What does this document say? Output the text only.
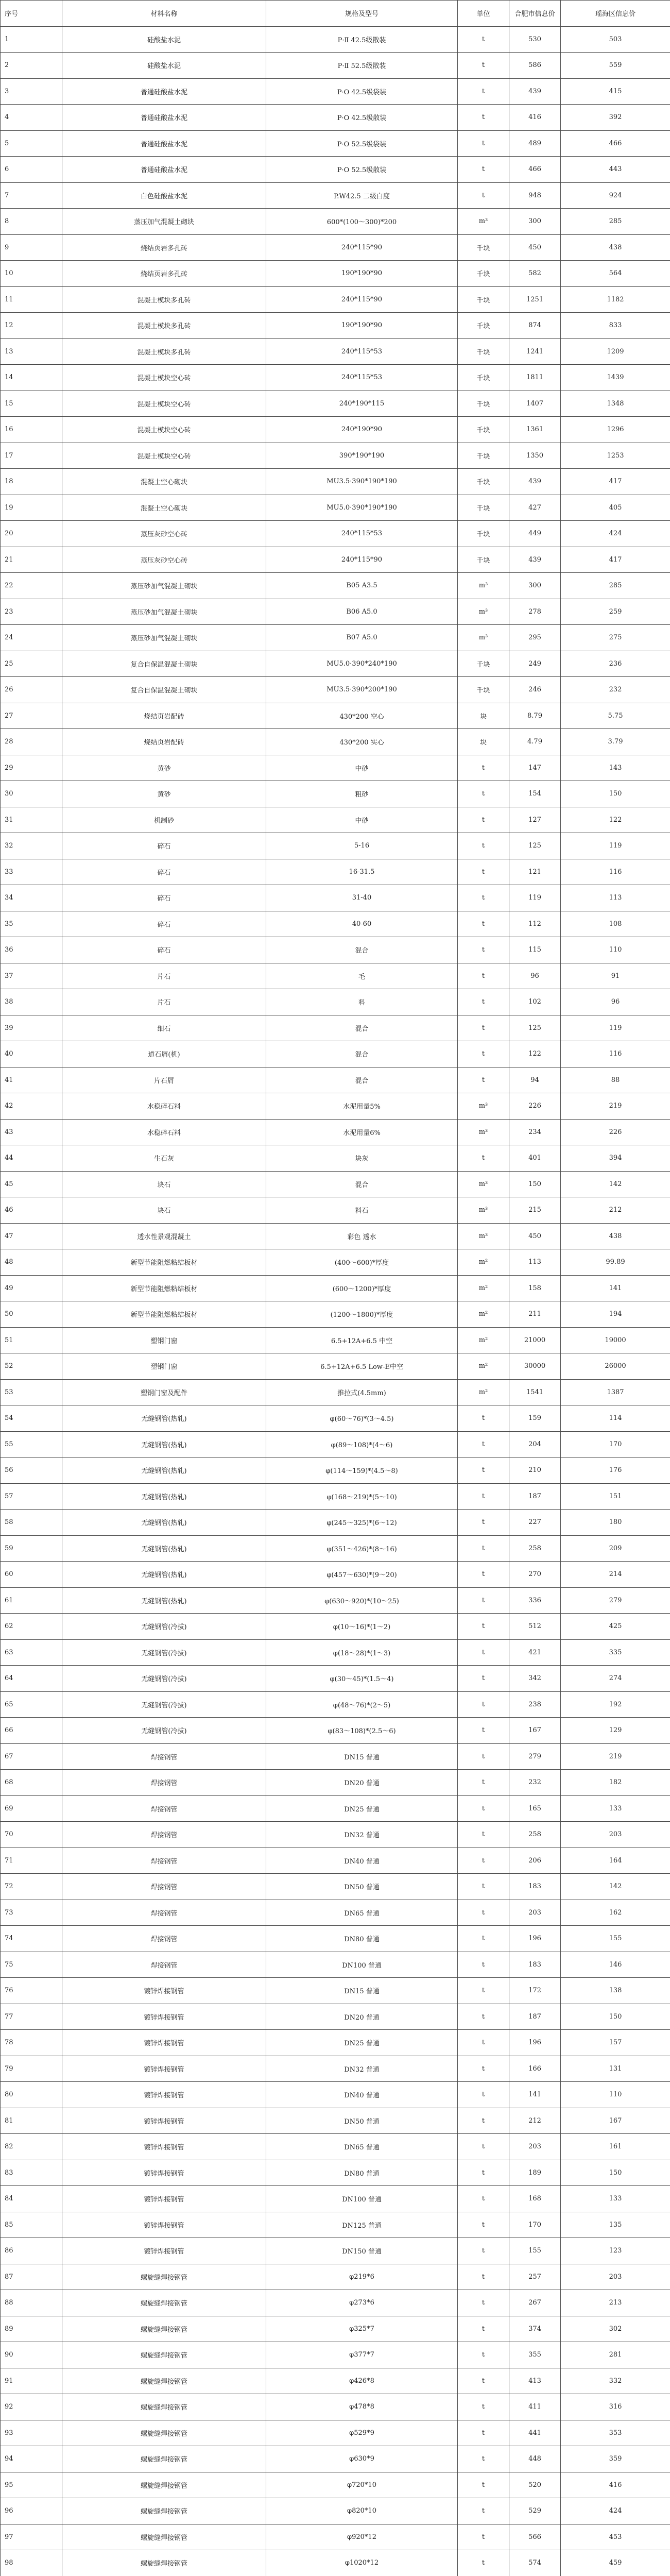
序号	材料名称	规格及型号	单位	合肥市信息价	瑶海区信息价
1	硅酸盐水泥	P·Ⅱ 42.5级散装	t	530	503
2	硅酸盐水泥	P·Ⅱ 52.5级散装	t	586	559
3	普通硅酸盐水泥	P·O 42.5级袋装	t	439	415
4	普通硅酸盐水泥	P·O 42.5级散装	t	416	392
5	普通硅酸盐水泥	P·O 52.5级袋装	t	489	466
6	普通硅酸盐水泥	P·O 52.5级散装	t	466	443
7	白色硅酸盐水泥	P.W42.5 二级白度	t	948	924
8	蒸压加气混凝土砌块	600*(100～300)*200	m³	300	285
9	烧结页岩多孔砖	240*115*90	千块	450	438
10	烧结页岩多孔砖	190*190*90	千块	582	564
11	混凝土模块多孔砖	240*115*90	千块	1251	1182
12	混凝土模块多孔砖	190*190*90	千块	874	833
13	混凝土模块多孔砖	240*115*53	千块	1241	1209
14	混凝土模块空心砖	240*115*53	千块	1811	1439
15	混凝土模块空心砖	240*190*115	千块	1407	1348
16	混凝土模块空心砖	240*190*90	千块	1361	1296
17	混凝土模块空心砖	390*190*190	千块	1350	1253
18	混凝土空心砌块	MU3.5·390*190*190	千块	439	417
19	混凝土空心砌块	MU5.0·390*190*190	千块	427	405
20	蒸压灰砂空心砖	240*115*53	千块	449	424
21	蒸压灰砂空心砖	240*115*90	千块	439	417
22	蒸压砂加气混凝土砌块	B05 A3.5	m³	300	285
23	蒸压砂加气混凝土砌块	B06 A5.0	m³	278	259
24	蒸压砂加气混凝土砌块	B07 A5.0	m³	295	275
25	复合自保温混凝土砌块	MU5.0·390*240*190	千块	249	236
26	复合自保温混凝土砌块	MU3.5·390*200*190	千块	246	232
27	烧结页岩配砖	430*200 空心	块	8.79	5.75
28	烧结页岩配砖	430*200 实心	块	4.79	3.79
29	黄砂	中砂	t	147	143
30	黄砂	粗砂	t	154	150
31	机制砂	中砂	t	127	122
32	碎石	5-16	t	125	119
33	碎石	16-31.5	t	121	116
34	碎石	31-40	t	119	113
35	碎石	40-60	t	112	108
36	碎石	混合	t	115	110
37	片石	毛	t	96	91
38	片石	料	t	102	96
39	细石	混合	t	125	119
40	道石屑(机)	混合	t	122	116
41	片石屑	混合	t	94	88
42	水稳碎石料	水泥用量5%	m³	226	219
43	水稳碎石料	水泥用量6%	m³	234	226
44	生石灰	块灰	t	401	394
45	块石	混合	m³	150	142
46	块石	料石	m³	215	212
47	透水性景观混凝土	彩色 透水	m³	450	438
48	新型节能阻燃粘结板材	(400～600)*厚度	m²	113	99.89
49	新型节能阻燃粘结板材	(600～1200)*厚度	m²	158	141
50	新型节能阻燃粘结板材	(1200～1800)*厚度	m²	211	194
51	塑钢门窗	6.5+12A+6.5 中空	m²	21000	19000
52	塑钢门窗	6.5+12A+6.5 Low-E中空	m²	30000	26000
53	塑钢门窗及配件	推拉式(4.5mm)	m²	1541	1387
54	无缝钢管(热轧)	φ(60～76)*(3～4.5)	t	159	114
55	无缝钢管(热轧)	φ(89～108)*(4～6)	t	204	170
56	无缝钢管(热轧)	φ(114～159)*(4.5～8)	t	210	176
57	无缝钢管(热轧)	φ(168～219)*(5～10)	t	187	151
58	无缝钢管(热轧)	φ(245～325)*(6～12)	t	227	180
59	无缝钢管(热轧)	φ(351～426)*(8～16)	t	258	209
60	无缝钢管(热轧)	φ(457～630)*(9～20)	t	270	214
61	无缝钢管(热轧)	φ(630～920)*(10～25)	t	336	279
62	无缝钢管(冷拔)	φ(10～16)*(1～2)	t	512	425
63	无缝钢管(冷拔)	φ(18～28)*(1～3)	t	421	335
64	无缝钢管(冷拔)	φ(30～45)*(1.5～4)	t	342	274
65	无缝钢管(冷拔)	φ(48～76)*(2～5)	t	238	192
66	无缝钢管(冷拔)	φ(83～108)*(2.5～6)	t	167	129
67	焊接钢管	DN15 普通	t	279	219
68	焊接钢管	DN20 普通	t	232	182
69	焊接钢管	DN25 普通	t	165	133
70	焊接钢管	DN32 普通	t	258	203
71	焊接钢管	DN40 普通	t	206	164
72	焊接钢管	DN50 普通	t	183	142
73	焊接钢管	DN65 普通	t	203	162
74	焊接钢管	DN80 普通	t	196	155
75	焊接钢管	DN100 普通	t	183	146
76	镀锌焊接钢管	DN15 普通	t	172	138
77	镀锌焊接钢管	DN20 普通	t	187	150
78	镀锌焊接钢管	DN25 普通	t	196	157
79	镀锌焊接钢管	DN32 普通	t	166	131
80	镀锌焊接钢管	DN40 普通	t	141	110
81	镀锌焊接钢管	DN50 普通	t	212	167
82	镀锌焊接钢管	DN65 普通	t	203	161
83	镀锌焊接钢管	DN80 普通	t	189	150
84	镀锌焊接钢管	DN100 普通	t	168	133
85	镀锌焊接钢管	DN125 普通	t	170	135
86	镀锌焊接钢管	DN150 普通	t	155	123
87	螺旋缝焊接钢管	φ219*6	t	257	203
88	螺旋缝焊接钢管	φ273*6	t	267	213
89	螺旋缝焊接钢管	φ325*7	t	374	302
90	螺旋缝焊接钢管	φ377*7	t	355	281
91	螺旋缝焊接钢管	φ426*8	t	413	332
92	螺旋缝焊接钢管	φ478*8	t	411	316
93	螺旋缝焊接钢管	φ529*9	t	441	353
94	螺旋缝焊接钢管	φ630*9	t	448	359
95	螺旋缝焊接钢管	φ720*10	t	520	416
96	螺旋缝焊接钢管	φ820*10	t	529	424
97	螺旋缝焊接钢管	φ920*12	t	566	453
98	螺旋缝焊接钢管	φ1020*12	t	574	459
